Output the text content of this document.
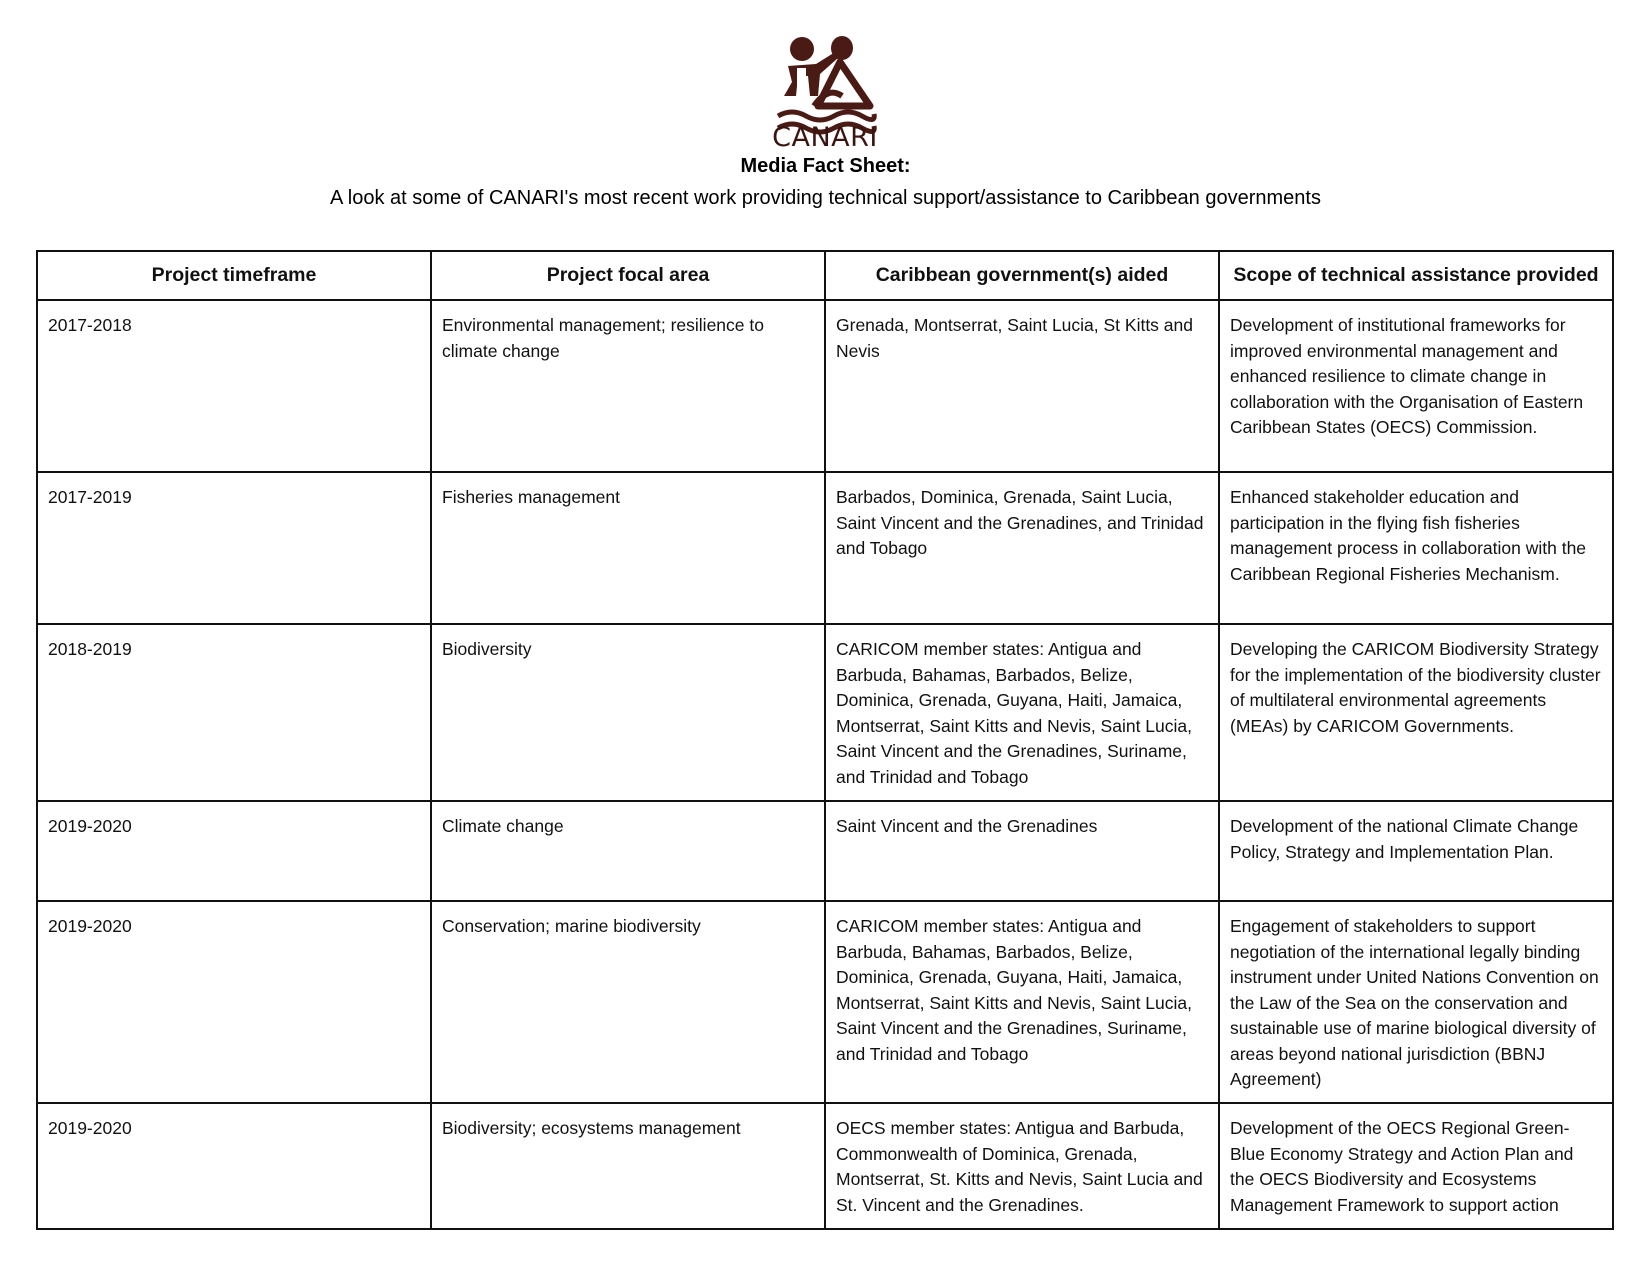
CANARI
Media Fact Sheet:
A look at some of CANARI's most recent work providing technical support/assistance to Caribbean governments
Project timeframe	Project focal area	Caribbean government(s) aided	Scope of technical assistance provided
2017-2018	Environmental management; resilience to climate change	Grenada, Montserrat, Saint Lucia, St Kitts and Nevis	Development of institutional frameworks for improved environmental management and enhanced resilience to climate change in collaboration with the Organisation of Eastern Caribbean States (OECS) Commission.
2017-2019	Fisheries management	Barbados, Dominica, Grenada, Saint Lucia, Saint Vincent and the Grenadines, and Trinidad and Tobago	Enhanced stakeholder education and participation in the flying fish fisheries management process in collaboration with the Caribbean Regional Fisheries Mechanism.
2018-2019	Biodiversity	CARICOM member states: Antigua and Barbuda, Bahamas, Barbados, Belize, Dominica, Grenada, Guyana, Haiti, Jamaica, Montserrat, Saint Kitts and Nevis, Saint Lucia, Saint Vincent and the Grenadines, Suriname, and Trinidad and Tobago	Developing the CARICOM Biodiversity Strategy for the implementation of the biodiversity cluster of multilateral environmental agreements (MEAs) by CARICOM Governments.
2019-2020	Climate change	Saint Vincent and the Grenadines	Development of the national Climate Change Policy, Strategy and Implementation Plan.
2019-2020	Conservation; marine biodiversity	CARICOM member states: Antigua and Barbuda, Bahamas, Barbados, Belize, Dominica, Grenada, Guyana, Haiti, Jamaica, Montserrat, Saint Kitts and Nevis, Saint Lucia, Saint Vincent and the Grenadines, Suriname, and Trinidad and Tobago	Engagement of stakeholders to support negotiation of the international legally binding instrument under United Nations Convention on the Law of the Sea on the conservation and sustainable use of marine biological diversity of areas beyond national jurisdiction (BBNJ Agreement)
2019-2020	Biodiversity; ecosystems management	OECS member states: Antigua and Barbuda, Commonwealth of Dominica, Grenada, Montserrat, St. Kitts and Nevis, Saint Lucia and St. Vincent and the Grenadines.	Development of the OECS Regional Green-Blue Economy Strategy and Action Plan and the OECS Biodiversity and Ecosystems Management Framework to support action
